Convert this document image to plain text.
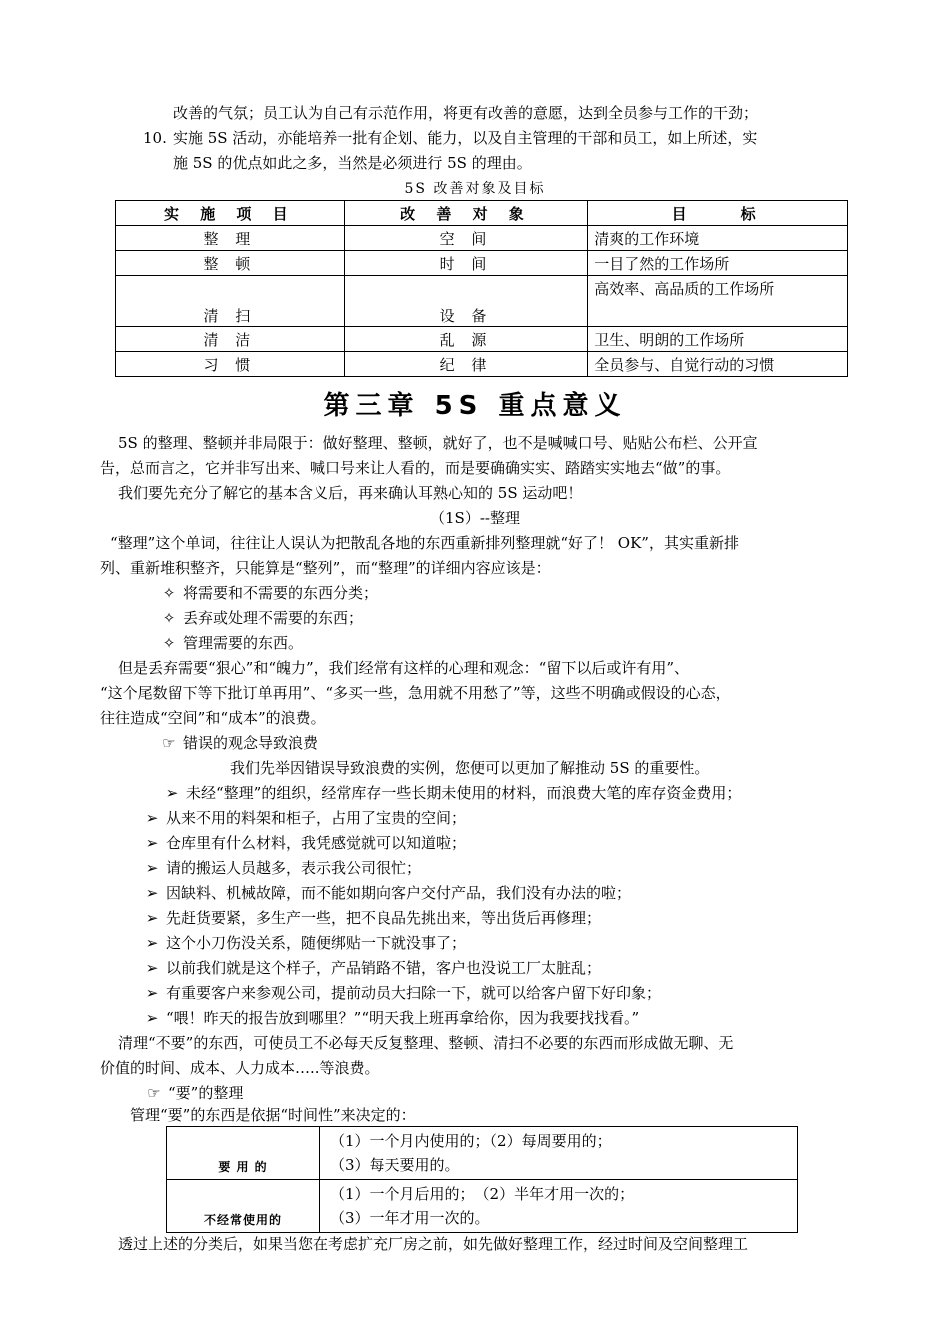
改善的气氛；员工认为自己有示范作用，将更有改善的意愿，达到全员参与工作的干劲；
10. 实施 5S 活动，亦能培养一批有企划、能力，以及自主管理的干部和员工，如上所述，实
施 5S 的优点如此之多，当然是必须进行 5S 的理由。
5S 改善对象及目标
实 施 项 目	改 善 对 象	目　　标
整 理	空 间	清爽的工作环境
整 顿	时 间	一目了然的工作场所
清 扫	设 备	高效率、高品质的工作场所
清 洁	乱 源	卫生、明朗的工作场所
习 惯	纪 律	全员参与、自觉行动的习惯
第三章 5S 重点意义
5S 的整理、整顿并非局限于：做好整理、整顿，就好了，也不是喊喊口号、贴贴公布栏、公开宣
告，总而言之，它并非写出来、喊口号来让人看的，而是要确确实实、踏踏实实地去“做”的事。
我们要先充分了解它的基本含义后，再来确认耳熟心知的 5S 运动吧！
（1S）--整理
“整理”这个单词，往往让人误认为把散乱各地的东西重新排列整理就“好了！ OK”，其实重新排
列、重新堆积整齐，只能算是“整列”，而“整理”的详细内容应该是：
✧ 将需要和不需要的东西分类；
✧ 丢弃或处理不需要的东西；
✧ 管理需要的东西。
但是丢弃需要“狠心”和“魄力”，我们经常有这样的心理和观念：“留下以后或许有用”、
“这个尾数留下等下批订单再用”、“多买一些，急用就不用愁了”等，这些不明确或假设的心态，
往往造成“空间”和“成本”的浪费。
☞ 错误的观念导致浪费
我们先举因错误导致浪费的实例，您便可以更加了解推动 5S 的重要性。
➢ 未经“整理”的组织，经常库存一些长期未使用的材料，而浪费大笔的库存资金费用；
➢ 从来不用的料架和柜子，占用了宝贵的空间；
➢ 仓库里有什么材料，我凭感觉就可以知道啦；
➢ 请的搬运人员越多，表示我公司很忙；
➢ 因缺料、机械故障，而不能如期向客户交付产品，我们没有办法的啦；
➢ 先赶货要紧，多生产一些，把不良品先挑出来，等出货后再修理；
➢ 这个小刀伤没关系，随便绑贴一下就没事了；
➢ 以前我们就是这个样子，产品销路不错，客户也没说工厂太脏乱；
➢ 有重要客户来参观公司，提前动员大扫除一下，就可以给客户留下好印象；
➢ “喂！昨天的报告放到哪里？”“明天我上班再拿给你，因为我要找找看。”
清理“不要”的东西，可使员工不必每天反复整理、整顿、清扫不必要的东西而形成做无聊、无
价值的时间、成本、人力成本…..等浪费。
☞ “要”的整理
管理“要”的东西是依据“时间性”来决定的：
要 用 的	（1）一个月内使用的；（2）每周要用的；
（3）每天要用的。

不经常使用的	（1）一个月后用的；　（2）半年才用一次的；
（3）一年才用一次的。
透过上述的分类后，如果当您在考虑扩充厂房之前，如先做好整理工作，经过时间及空间整理工
